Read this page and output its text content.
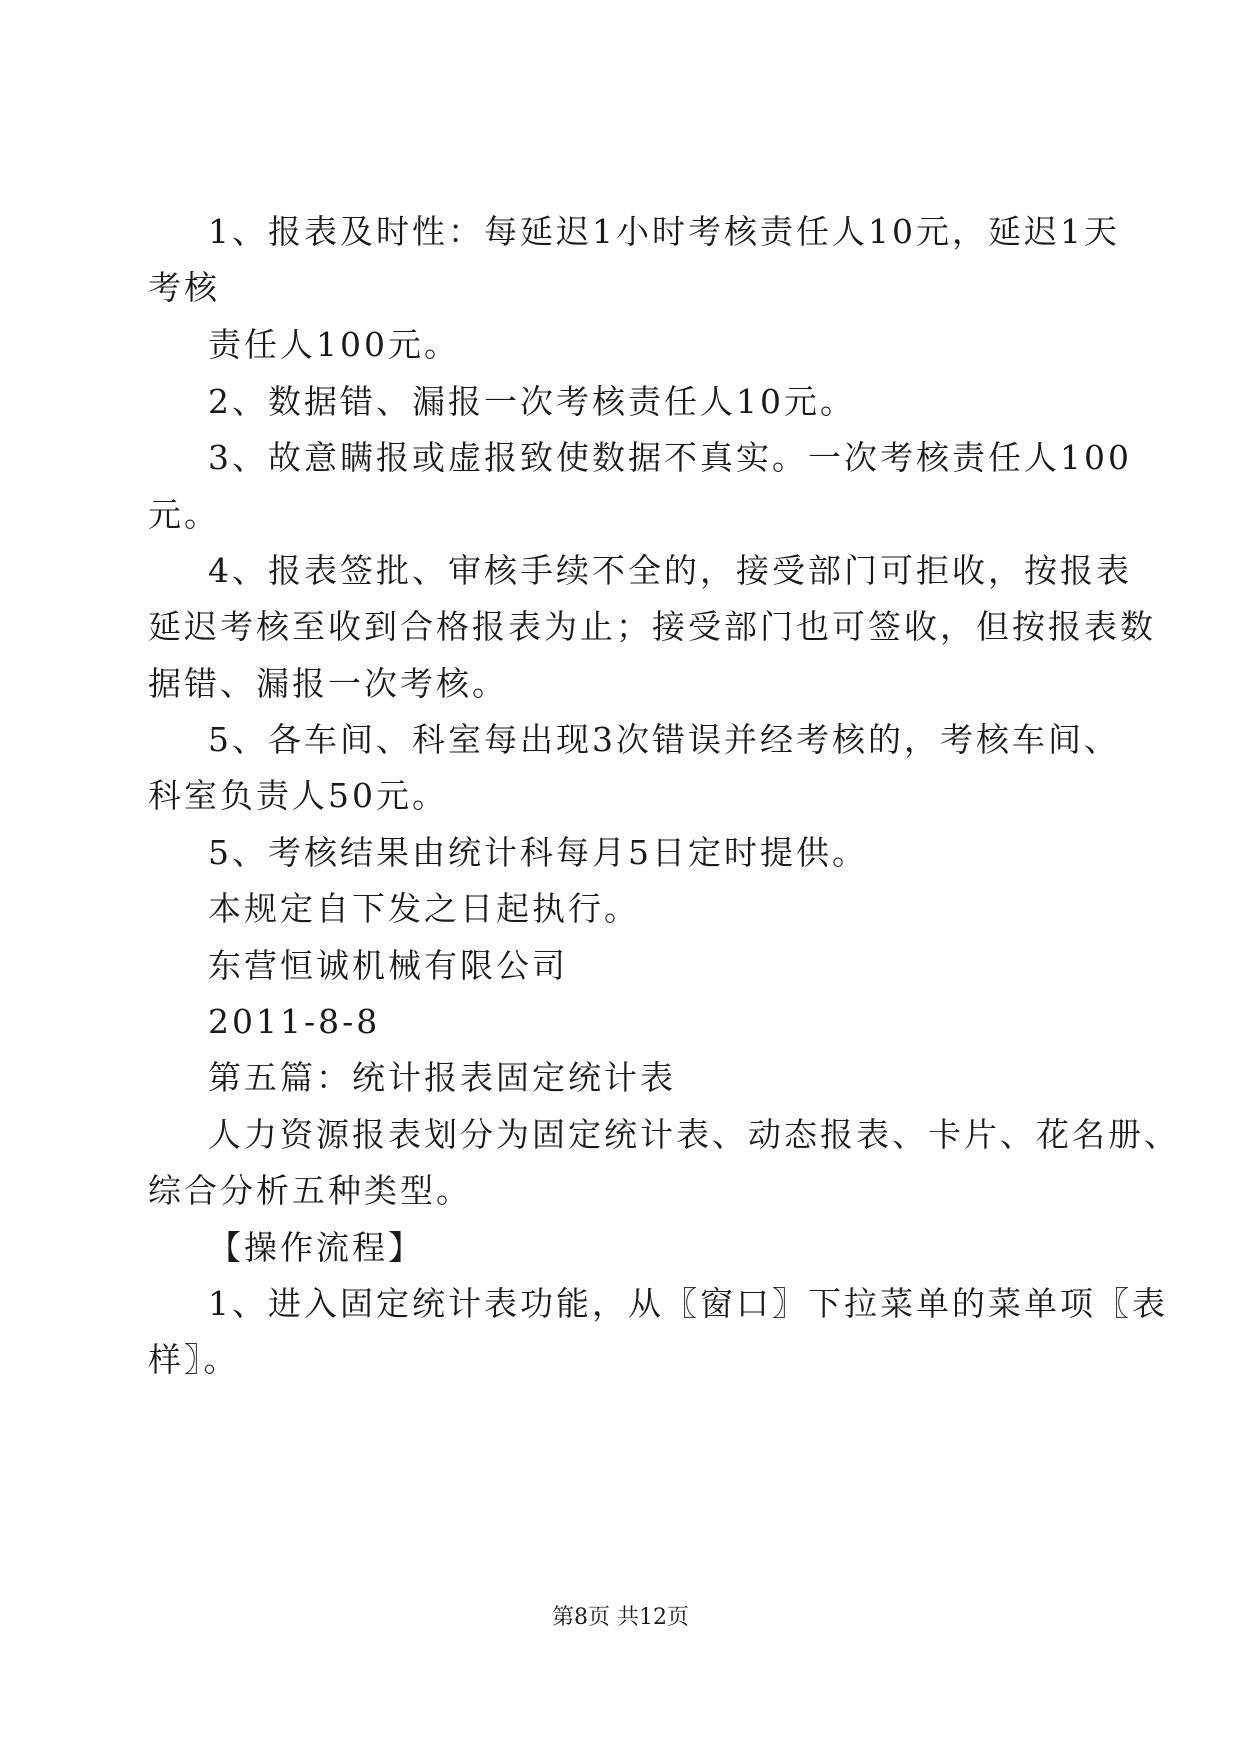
1、报表及时性：每延迟1小时考核责任人10元，延迟1天
考核
责任人100元。
2、数据错、漏报一次考核责任人10元。
3、故意瞒报或虚报致使数据不真实。一次考核责任人100
元。
4、报表签批、审核手续不全的，接受部门可拒收，按报表
延迟考核至收到合格报表为止；接受部门也可签收，但按报表数
据错、漏报一次考核。
5、各车间、科室每出现3次错误并经考核的，考核车间、
科室负责人50元。
5、考核结果由统计科每月5日定时提供。
本规定自下发之日起执行。
东营恒诚机械有限公司
2011-8-8
第五篇：统计报表固定统计表
人力资源报表划分为固定统计表、动态报表、卡片、花名册、
综合分析五种类型。
【操作流程】
1、进入固定统计表功能，从〖窗口〗下拉菜单的菜单项〖表
样〗。
第8页 共12页
